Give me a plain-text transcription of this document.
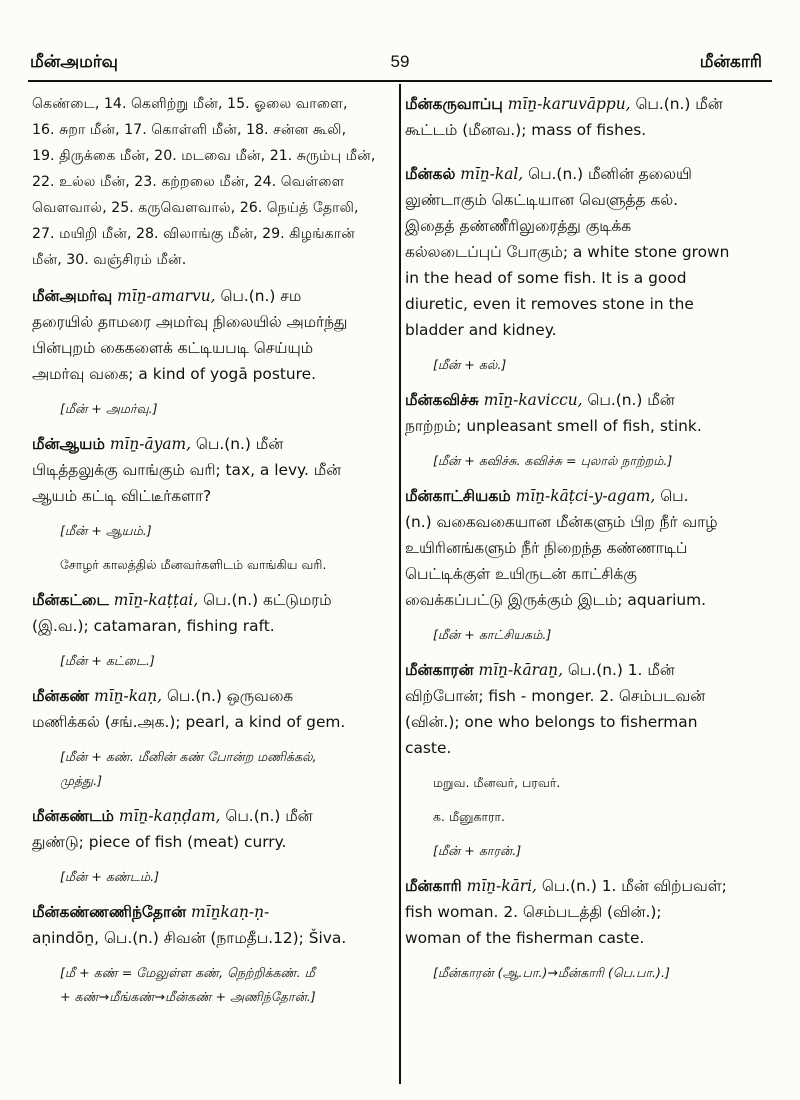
மீன்அமர்வு	59	மீன்காரி
கெண்டை, 14. கெளிற்று மீன், 15. ஓலை வாளை,
16. சுறா மீன், 17. கொள்ளி மீன், 18. சன்ன கூலி,
19. திருக்கை மீன், 20. மடவை மீன், 21. சுரும்பு மீன்,
22. உல்ல மீன், 23. கற்றலை மீன், 24. வெள்ளை
வெளவால், 25. கருவெளவால், 26. நெய்த் தோலி,
27. மயிறி மீன், 28. விலாங்கு மீன், 29. கிழங்கான்
மீன், 30. வஞ்சிரம் மீன்.
மீன்அமர்வு mīṉ-amarvu, பெ.(n.) சம
தரையில் தாமரை அமர்வு நிலையில் அமர்ந்து
பின்புறம் கைகளைக் கட்டியபடி செய்யும்
அமர்வு வகை; a kind of yogā posture.
[மீன் + அமர்வு.]
மீன்ஆயம் mīṉ-āyam, பெ.(n.) மீன்
பிடித்தலுக்கு வாங்கும் வரி; tax, a levy. மீன்
ஆயம் கட்டி விட்டீர்களா?
[மீன் + ஆயம்.]
சோழர் காலத்தில் மீனவர்களிடம் வாங்கிய வரி.
மீன்கட்டை mīṉ-kaṭṭai, பெ.(n.) கட்டுமரம்
(இ.வ.); catamaran, fishing raft.
[மீன் + கட்டை.]
மீன்கண் mīṉ-kaṇ, பெ.(n.) ஒருவகை
மணிக்கல் (சங்.அக.); pearl, a kind of gem.
[மீன் + கண். மீனின் கண் போன்ற மணிக்கல்,
முத்து.]
மீன்கண்டம் mīṉ-kaṇḍam, பெ.(n.) மீன்
துண்டு; piece of fish (meat) curry.
[மீன் + கண்டம்.]
மீன்கண்ணணிந்தோன் mīṉkaṇ-ṇ-
aṇindōṉ, பெ.(n.) சிவன் (நாமதீப.12); Šiva.
[மீ + கண் = மேலுள்ள கண், நெற்றிக்கண். மீ
+ கண்→மீங்கண்→மீன்கண் + அணிந்தோன்.]
மீன்கருவாப்பு mīṉ-karuvāppu, பெ.(n.) மீன்
கூட்டம் (மீனவ.); mass of fishes.
மீன்கல் mīṉ-kal, பெ.(n.) மீனின் தலையி
லுண்டாகும் கெட்டியான வெளுத்த கல்.
இதைத் தண்ணீரிலுரைத்து குடிக்க
கல்லடைப்புப் போகும்; a white stone grown
in the head of some fish. It is a good
diuretic, even it removes stone in the
bladder and kidney.
[மீன் + கல்.]
மீன்கவிச்சு mīṉ-kaviccu, பெ.(n.) மீன்
நாற்றம்; unpleasant smell of fish, stink.
[மீன் + கவிச்சு. கவிச்சு = புலால் நாற்றம்.]
மீன்காட்சியகம் mīṉ-kāṭci-y-agam, பெ.
(n.) வகைவகையான மீன்களும் பிற நீர் வாழ்
உயிரினங்களும் நீர் நிறைந்த கண்ணாடிப்
பெட்டிக்குள் உயிருடன் காட்சிக்கு
வைக்கப்பட்டு இருக்கும் இடம்; aquarium.
[மீன் + காட்சியகம்.]
மீன்காரன் mīṉ-kāraṉ, பெ.(n.) 1. மீன்
விற்போன்; fish - monger. 2. செம்படவன்
(வின்.); one who belongs to fisherman
caste.
மறுவ. மீனவர், பரவர்.
க. மீனுகாரா.
[மீன் + காரன்.]
மீன்காரி mīṉ-kāri, பெ.(n.) 1. மீன் விற்பவள்;
fish woman. 2. செம்படத்தி (வின்.);
woman of the fisherman caste.
[மீன்காரன் (ஆ.பா.)→மீன்காரி (பெ.பா.).]
